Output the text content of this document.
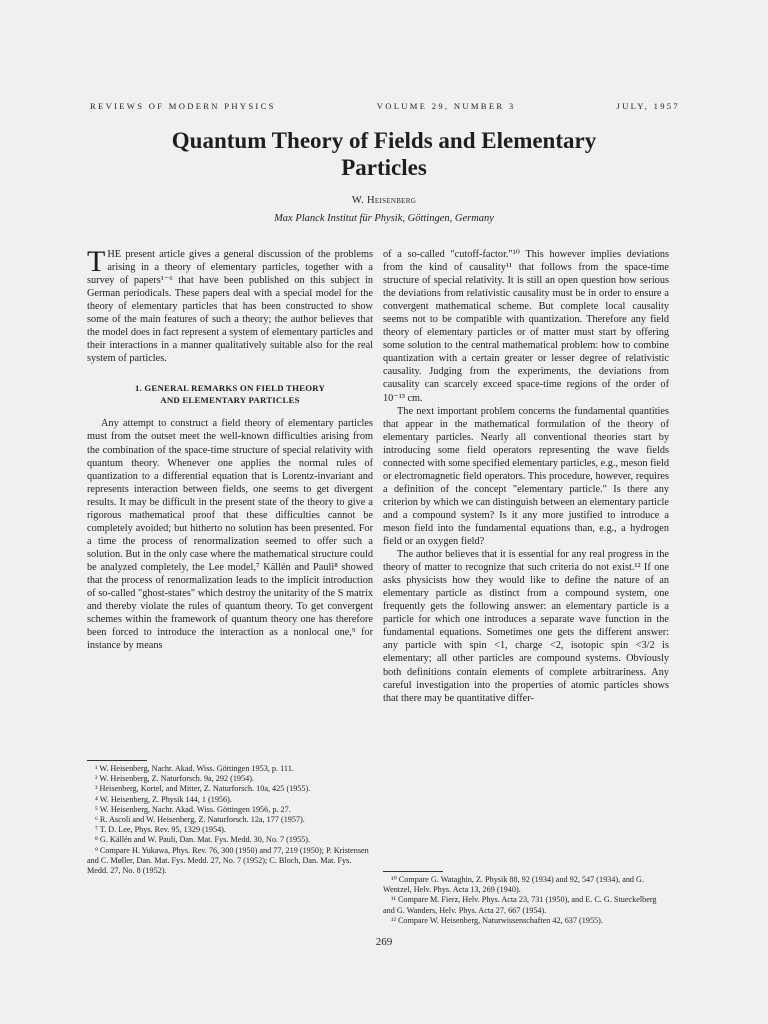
REVIEWS OF MODERN PHYSICS	VOLUME 29, NUMBER 3	JULY, 1957
Quantum Theory of Fields and Elementary
Particles
W. Heisenberg
Max Planck Institut für Physik, Göttingen, Germany

THE present article gives a general discussion of the problems arising in a theory of elementary particles, together with a survey of papers¹⁻⁶ that have been published on this subject in German periodicals. These papers deal with a special model for the theory of elementary particles that has been constructed to show some of the main features of such a theory; the author believes that the model does in fact represent a system of elementary particles and their interactions in a manner qualitatively suitable also for the real system of particles.

1. GENERAL REMARKS ON FIELD THEORY
AND ELEMENTARY PARTICLES

Any attempt to construct a field theory of elementary particles must from the outset meet the well-known difficulties arising from the combination of the space-time structure of special relativity with quantum theory. Whenever one applies the normal rules of quantization to a differential equation that is Lorentz-invariant and represents interaction between fields, one seems to get divergent results. It may be difficult in the present state of the theory to give a rigorous mathematical proof that these difficulties cannot be completely avoided; but hitherto no solution has been presented. For a time the process of renormalization seemed to offer such a solution. But in the only case where the mathematical structure could be analyzed completely, the Lee model,⁷ Källén and Pauli⁸ showed that the process of renormalization leads to the implicit introduction of so-called "ghost-states" which destroy the unitarity of the S matrix and thereby violate the rules of quantum theory. To get convergent schemes within the framework of quantum theory one has therefore been forced to introduce the interaction as a nonlocal one,⁹ for instance by means

¹ W. Heisenberg, Nachr. Akad. Wiss. Göttingen 1953, p. 111.
² W. Heisenberg, Z. Naturforsch. 9a, 292 (1954).
³ Heisenberg, Kortel, and Mitter, Z. Naturforsch. 10a, 425 (1955).
⁴ W. Heisenberg, Z. Physik 144, 1 (1956).
⁵ W. Heisenberg, Nachr. Akad. Wiss. Göttingen 1956, p. 27.
⁶ R. Ascoli and W. Heisenberg, Z. Naturforsch. 12a, 177 (1957).
⁷ T. D. Lee, Phys. Rev. 95, 1329 (1954).
⁸ G. Källén and W. Pauli, Dan. Mat. Fys. Medd. 30, No. 7 (1955).
⁹ Compare H. Yukawa, Phys. Rev. 76, 300 (1950) and 77, 219 (1950); P. Kristensen and C. Møller, Dan. Mat. Fys. Medd. 27, No. 7 (1952); C. Bloch, Dan. Mat. Fys. Medd. 27, No. 8 (1952).

of a so-called "cutoff-factor."¹⁰ This however implies deviations from the kind of causality¹¹ that follows from the space-time structure of special relativity. It is still an open question how serious the deviations from relativistic causality must be in order to ensure a convergent mathematical scheme. But complete local causality seems not to be compatible with quantization. Therefore any field theory of elementary particles or of matter must start by offering some solution to the central mathematical problem: how to combine quantization with a certain greater or lesser degree of relativistic causality. Judging from the experiments, the deviations from causality can scarcely exceed space-time regions of the order of 10⁻¹³ cm.

The next important problem concerns the fundamental quantities that appear in the mathematical formulation of the theory of elementary particles. Nearly all conventional theories start by introducing some field operators representing the wave fields connected with some specified elementary particles, e.g., meson field or electromagnetic field operators. This procedure, however, requires a definition of the concept "elementary particle." Is there any criterion by which we can distinguish between an elementary particle and a compound system? Is it any more justified to introduce a meson field into the fundamental equations than, e.g., a hydrogen field or an oxygen field?

The author believes that it is essential for any real progress in the theory of matter to recognize that such criteria do not exist.¹² If one asks physicists how they would like to define the nature of an elementary particle as distinct from a compound system, one frequently gets the following answer: an elementary particle is a particle for which one introduces a separate wave function in the fundamental equations. Sometimes one gets the different answer: any particle with spin <1, charge <2, isotopic spin <3/2 is elementary; all other particles are compound systems. Obviously both definitions contain elements of complete arbitrariness. Any careful investigation into the properties of atomic particles shows that there may be quantitative differ-

¹⁰ Compare G. Wataghin, Z. Physik 88, 92 (1934) and 92, 547 (1934), and G. Wentzel, Helv. Phys. Acta 13, 269 (1940).
¹¹ Compare M. Fierz, Helv. Phys. Acta 23, 731 (1950), and E. C. G. Stueckelberg and G. Wanders, Helv. Phys. Acta 27, 667 (1954).
¹² Compare W. Heisenberg, Naturwissenschaften 42, 637 (1955).
269
